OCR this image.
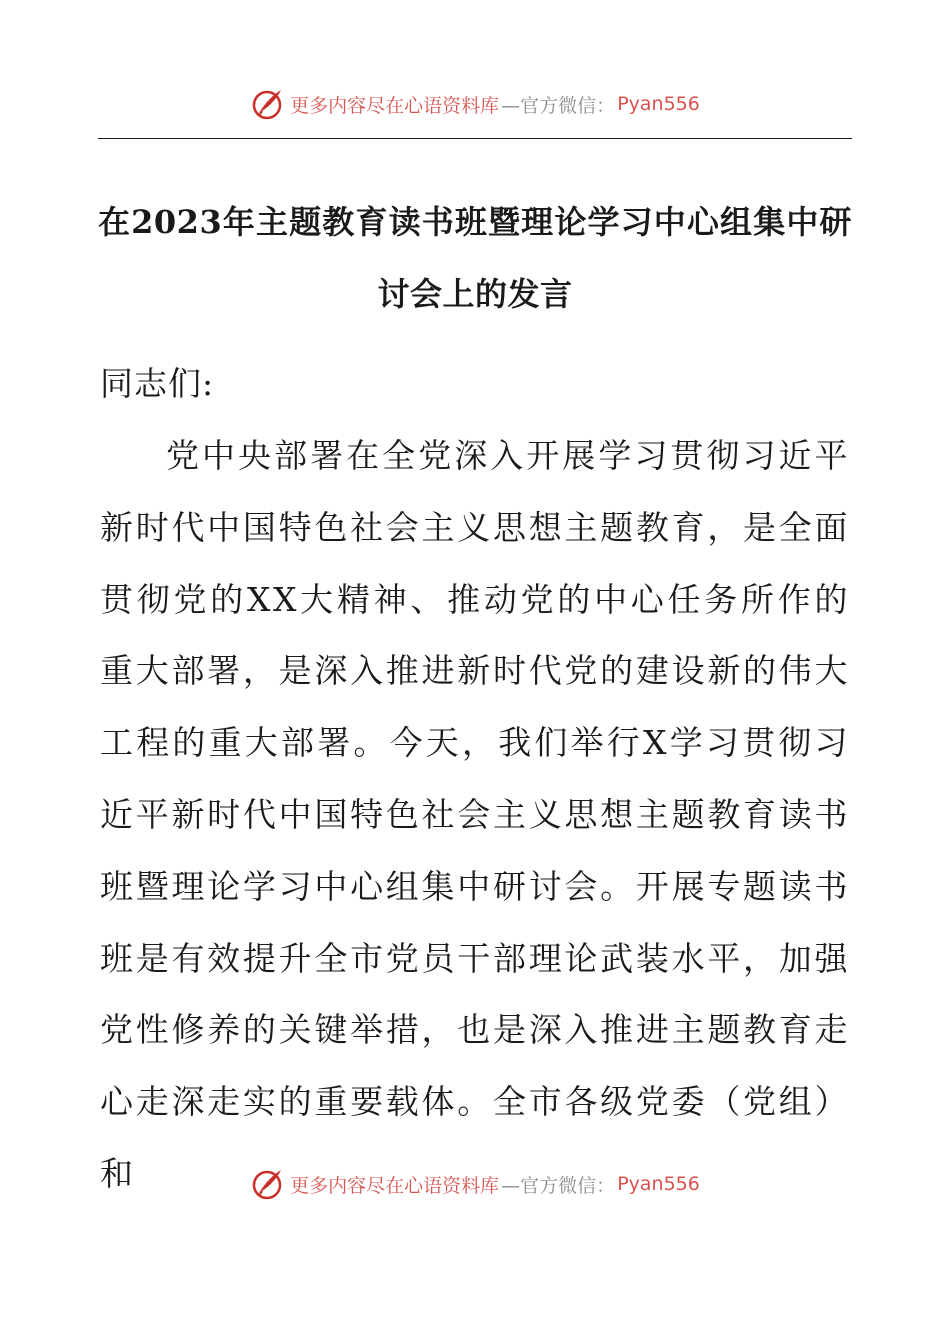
更多内容尽在心语资料库 —官方微信： Pyan556
在2023年主题教育读书班暨理论学习中心组集中研讨会上的发言

同志们:

党中央部署在全党深入开展学习贯彻习近平新时代中国特色社会主义思想主题教育，是全面贯彻党的XX大精神、推动党的中心任务所作的重大部署，是深入推进新时代党的建设新的伟大工程的重大部署。今天，我们举行X学习贯彻习近平新时代中国特色社会主义思想主题教育读书班暨理论学习中心组集中研讨会。开展专题读书班是有效提升全市党员干部理论武装水平，加强党性修养的关键举措，也是深入推进主题教育走心走深走实的重要载体。全市各级党委（党组）和	更多内容尽在心语资料库 —官方微信： Pyan556
